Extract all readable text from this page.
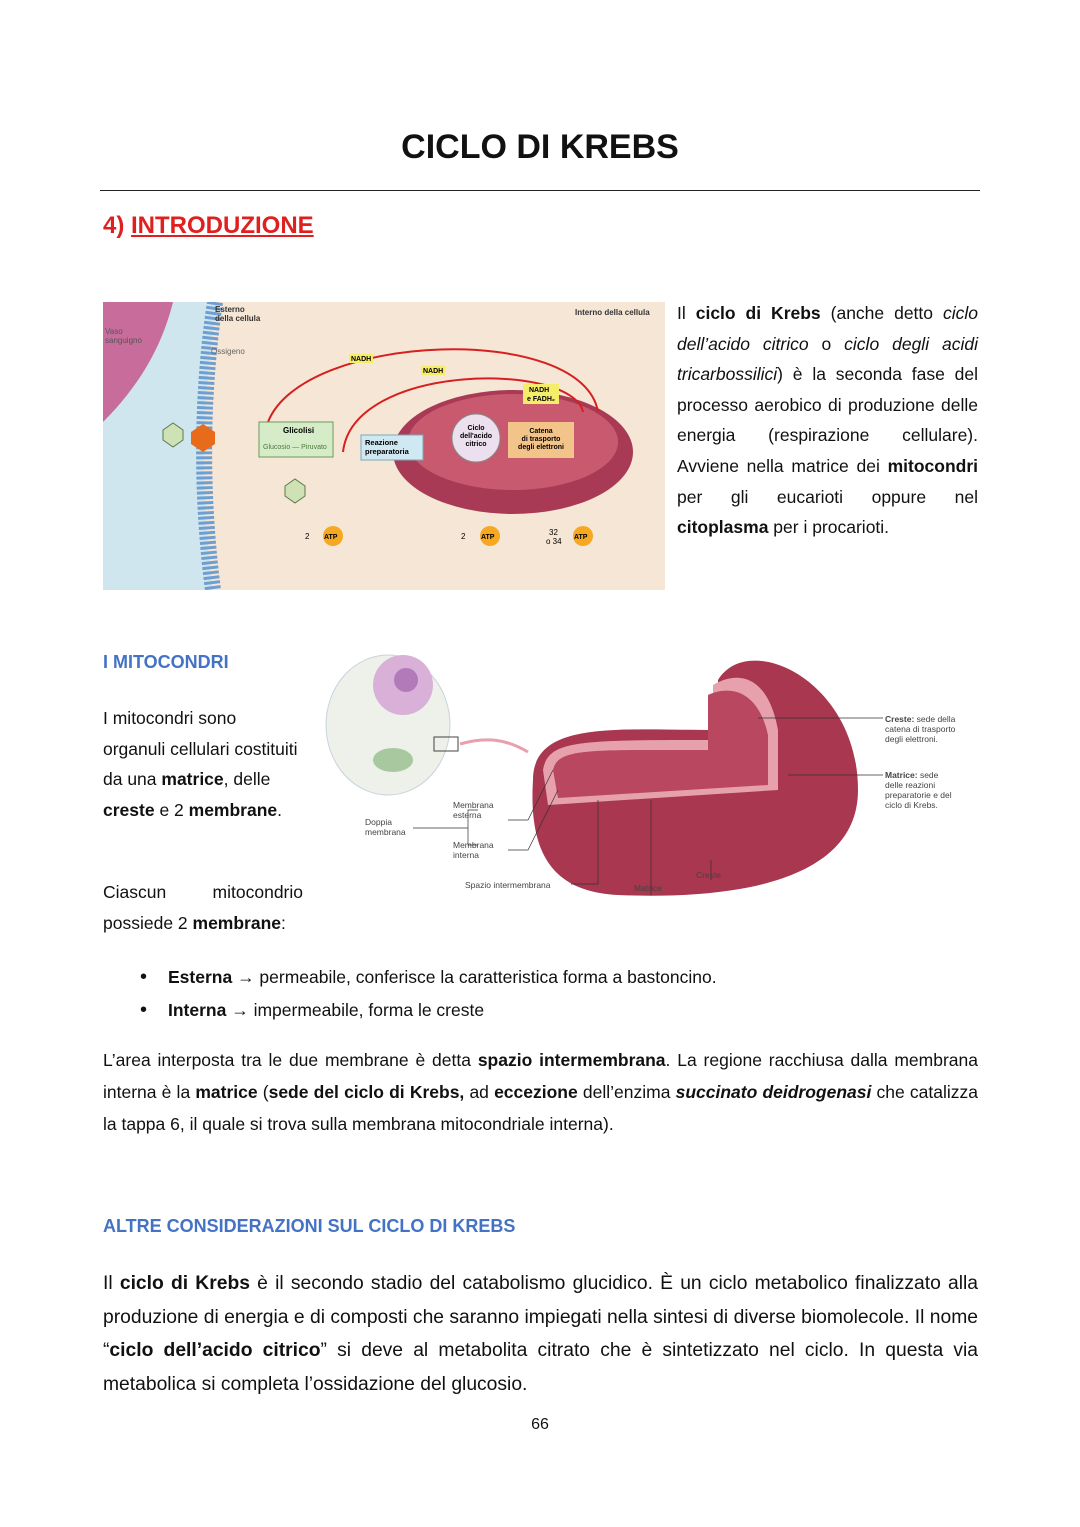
CICLO DI KREBS
4) INTRODUZIONE
Vaso sanguigno
Esterno della cellula
Ossigeno
Interno della cellula
NADH
NADH
NADH e FADH₂
Glicolisi
Glucosio — Piruvato
Reazione preparatoria
Ciclo dell'acido citrico
Catena di trasporto degli elettroni
2 ATP	2 ATP
32
o 34 ATP
Il ciclo di Krebs (anche detto ciclo dell’acido citrico o ciclo degli acidi tricarbossilici) è la seconda fase del processo aerobico di produzione delle energia (respirazione cellulare). Avviene nella matrice dei mitocondri per gli eucarioti oppure nel citoplasma per i procarioti.
I MITOCONDRI
I mitocondri sono organuli cellulari costituiti da una matrice, delle creste e 2 membrane.
Ciascun mitocondrio possiede 2 membrane:
Doppia membrana
Membrana esterna
Membrana interna
Spazio intermembrana	Matrice
Creste
Creste: sede della catena di trasporto degli elettroni.
Matrice: sede delle reazioni preparatorie e del ciclo di Krebs.
• Esterna → permeabile, conferisce la caratteristica forma a bastoncino.
• Interna → impermeabile, forma le creste
L’area interposta tra le due membrane è detta spazio intermembrana. La regione racchiusa dalla membrana interna è la matrice (sede del ciclo di Krebs, ad eccezione dell’enzima succinato deidrogenasi che catalizza la tappa 6, il quale si trova sulla membrana mitocondriale interna).
ALTRE CONSIDERAZIONI SUL CICLO DI KREBS
Il ciclo di Krebs è il secondo stadio del catabolismo glucidico. È un ciclo metabolico finalizzato alla produzione di energia e di composti che saranno impiegati nella sintesi di diverse biomolecole. Il nome “ciclo dell’acido citrico” si deve al metabolita citrato che è sintetizzato nel ciclo. In questa via metabolica si completa l’ossidazione del glucosio.
66
